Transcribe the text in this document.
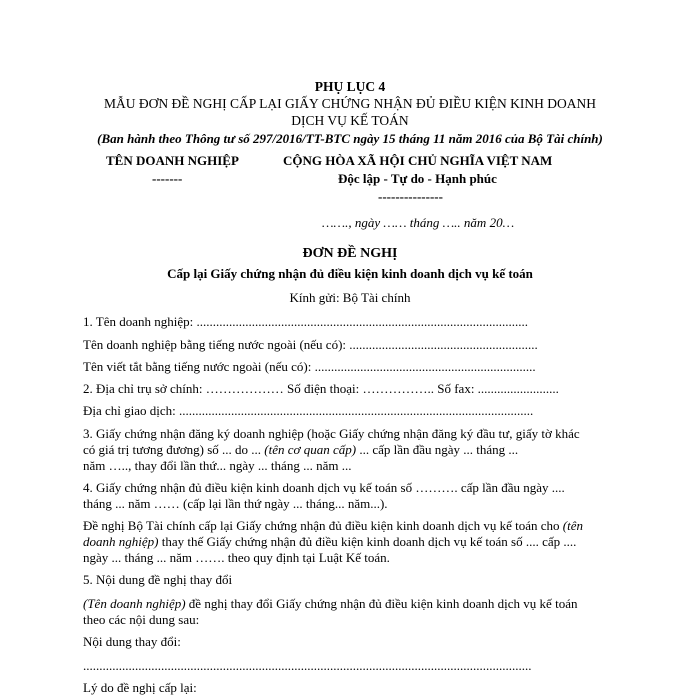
PHỤ LỤC 4
MẪU ĐƠN ĐỀ NGHỊ CẤP LẠI GIẤY CHỨNG NHẬN ĐỦ ĐIỀU KIỆN KINH DOANH
DỊCH VỤ KẾ TOÁN
(Ban hành theo Thông tư số 297/2016/TT-BTC ngày 15 tháng 11 năm 2016 của Bộ Tài chính)
TÊN DOANH NGHIỆP
-------
CỘNG HÒA XÃ HỘI CHỦ NGHĨA VIỆT NAM
Độc lập - Tự do - Hạnh phúc
---------------
……., ngày …… tháng ….. năm 20…
ĐƠN ĐỀ NGHỊ
Cấp lại Giấy chứng nhận đủ điều kiện kinh doanh dịch vụ kế toán
Kính gửi: Bộ Tài chính
1. Tên doanh nghiệp: ......................................................................................................
Tên doanh nghiệp bằng tiếng nước ngoài (nếu có): ..........................................................
Tên viết tắt bằng tiếng nước ngoài (nếu có): ....................................................................
2. Địa chỉ trụ sở chính: ……………… Số điện thoại: …………….. Số fax: .........................
Địa chỉ giao dịch: .............................................................................................................
3. Giấy chứng nhận đăng ký doanh nghiệp (hoặc Giấy chứng nhận đăng ký đầu tư, giấy tờ khác
có giá trị tương đương) số ... do ... (tên cơ quan cấp) ... cấp lần đầu ngày ... tháng ...
năm ….., thay đổi lần thứ... ngày ... tháng ... năm ...
4. Giấy chứng nhận đủ điều kiện kinh doanh dịch vụ kế toán số ………. cấp lần đầu ngày ....
tháng ... năm …… (cấp lại lần thứ ngày ... tháng... năm...).
Đề nghị Bộ Tài chính cấp lại Giấy chứng nhận đủ điều kiện kinh doanh dịch vụ kế toán cho (tên
doanh nghiệp) thay thế Giấy chứng nhận đủ điều kiện kinh doanh dịch vụ kế toán số .... cấp ....
ngày ... tháng ... năm ……. theo quy định tại Luật Kế toán.
5. Nội dung đề nghị thay đổi
(Tên doanh nghiệp) đề nghị thay đổi Giấy chứng nhận đủ điều kiện kinh doanh dịch vụ kế toán
theo các nội dung sau:
Nội dung thay đổi:
..........................................................................................................................................
Lý do đề nghị cấp lại:
